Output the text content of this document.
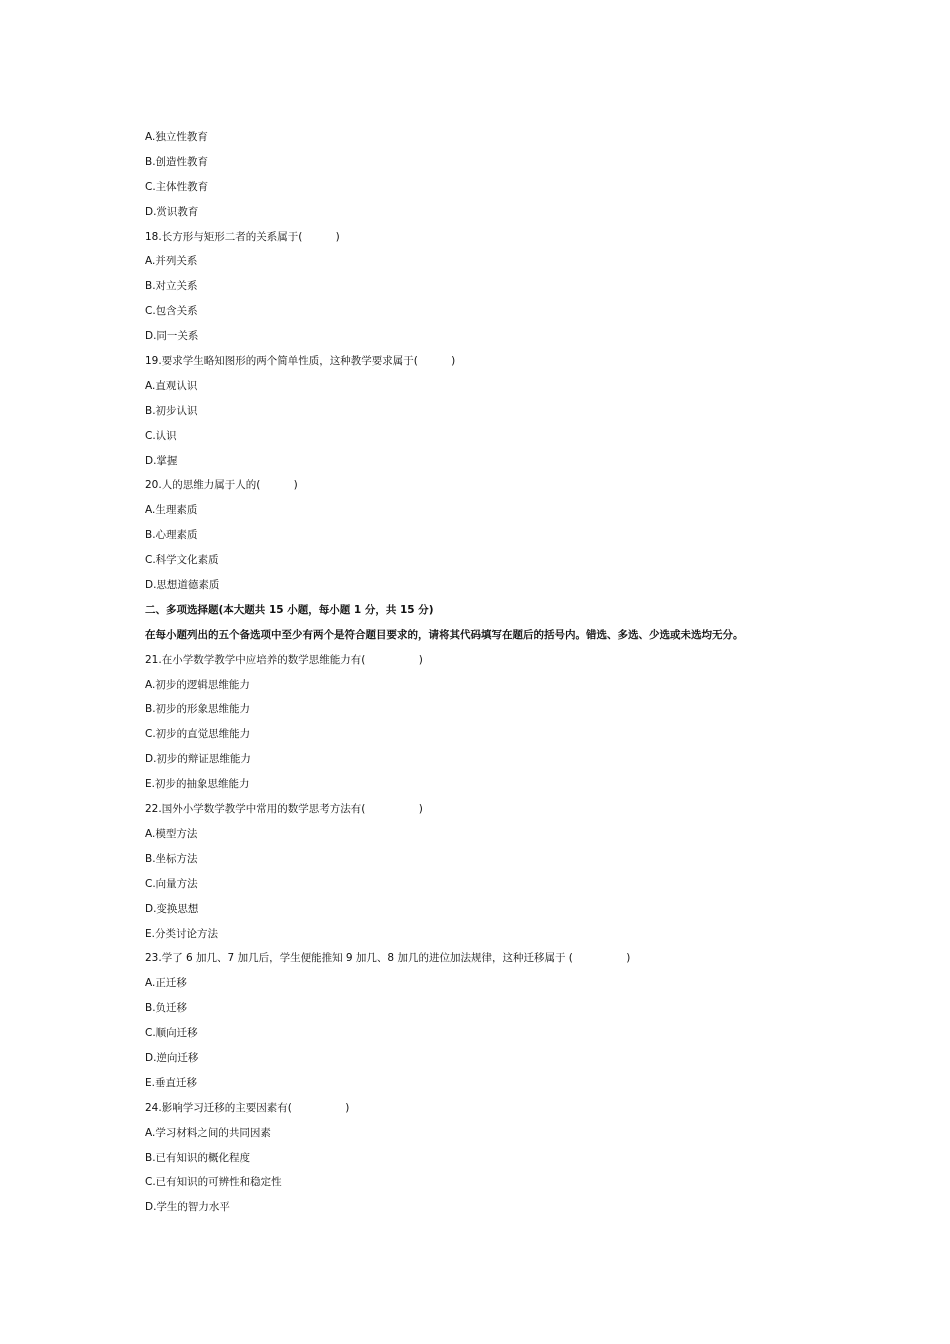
A.独立性教育
B.创造性教育
C.主体性教育
D.赏识教育
18.长方形与矩形二者的关系属于(          )
A.并列关系
B.对立关系
C.包含关系
D.同一关系
19.要求学生略知图形的两个简单性质，这种教学要求属于(          )
A.直观认识
B.初步认识
C.认识
D.掌握
20.人的思维力属于人的(          )
A.生理素质
B.心理素质
C.科学文化素质
D.思想道德素质
二、多项选择题(本大题共 15 小题，每小题 1 分，共 15 分)
在每小题列出的五个备选项中至少有两个是符合题目要求的，请将其代码填写在题后的括号内。错选、多选、少选或未选均无分。
21.在小学数学教学中应培养的数学思维能力有(                )
A.初步的逻辑思维能力
B.初步的形象思维能力
C.初步的直觉思维能力
D.初步的辩证思维能力
E.初步的抽象思维能力
22.国外小学数学教学中常用的数学思考方法有(                )
A.模型方法
B.坐标方法
C.向量方法
D.变换思想
E.分类讨论方法
23.学了 6 加几、7 加几后，学生便能推知 9 加几、8 加几的进位加法规律，这种迁移属于 (                )
A.正迁移
B.负迁移
C.顺向迁移
D.逆向迁移
E.垂直迁移
24.影响学习迁移的主要因素有(                )
A.学习材料之间的共同因素
B.已有知识的概化程度
C.已有知识的可辨性和稳定性
D.学生的智力水平
